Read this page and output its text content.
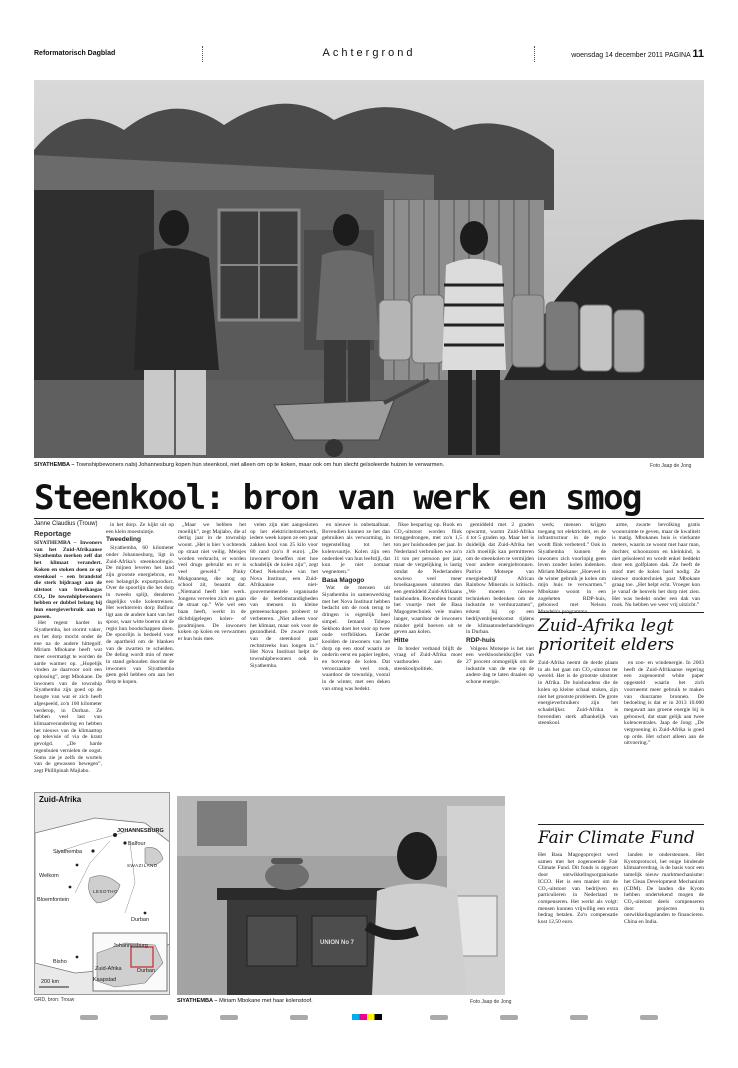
Reformatorisch Dagblad	Achtergrond	woensdag 14 december 2011 PAGINA 11
SIYATHEMBA – Townshipbewoners nabij Johannesburg kopen hun steenkool, niet alleen om op te koken, maar ook om hun slecht geïsoleerde huizen te verwarmen.	Foto Jaap de Jong
Steenkool: bron van werk en smog
Janne Claudius (Trouw)
Reportage

SIYATHEMBA – Inwoners van het Zuid-Afrikaanse Siyathemba merken zelf dat het klimaat verandert. Koken en stoken doen ze op steenkool – een brandstof die sterk bijdraagt aan de uitstoot van broeikasgas CO₂. De townshipbewoners hebben er dubbel belang bij hun energieverbruik aan te passen.

Het regent harder in Siyathemba, het stormt vaker, en het dorp mocht onder de ene na de andere hittegolf. Miriam Mbokane heeft wat meer overmatigt te worden de aarde warmer op. „Hopelijk vinden ze daarvoor ooit een oplossing”, zegt Mbokane. De inwoners van de township Siyathemba zijn goed op de hoogte van wat er zich heeft afgespeeld, zo'n 100 kilometer verderop, in Durban. Ze hebben veel last van klimaatverandering en hebben het nieuws van de klimaattop op televisie of via de krant gevolgd. „De harde regenbuien vernielen de oogst. Soms zie je zelfs de wortels van de gewassen bewegen”, zegt Phillipinah Majiabo.

in het dorp. Ze kijkt uit op een klein moestuintje.

Tweedeling

Siyathemba, 60 kilometer onder Johannesburg, ligt in Zuid-Afrika's steenkoolregio. De mijnen leveren het land zijn grootste energiebron, en een belangrijk exportproduct. Over de spoorlijn die het dorp in tweeën splijt, denderen dagelijks volle kolentreinen. Het werkterrein dorp Balfour ligt aan de andere kant van het spoor, waar witte boeren uit de regio hun boodschappen doen. De spoorlijn is bedoeld voor de apartheid om de blanken van de zwarten te scheiden. De deling wordt min of meer in stand gehouden doordat de inwoners van Siyathemba geen geld hebben om aan het dorp te kopen.

„Maar we hebben het moeilijk”, zegt Majiabo, die al dertig jaar in de township woont. „Het is hier 's ochtends op straat niet veilig. Meisjes worden verkracht, er worden veel drugs gebruikt en er is veel geweld.” Pinky Mokgoaneng, die nog op school zit, beaamt dat. „Niemand heeft hier werk. Jongens vervelen zich en gaan de straat op.” Wie wel een baan heeft, werkt in de dichtbijgelegen kolen- of goudmijnen. De inwoners koken op kolen en verwarmen er hun huis mee.

velen zijn niet aangesloten op het elektriciteitsnetwerk, iedere week kopen ze een paar zakken kool van 25 kilo voor 80 rand (zo'n 8 euro). „De inwoners beseffen niet hoe schadelijk de kolen zijn”, zegt Obed Nekotshwe van het Nova Instituut, een Zuid-Afrikaanse niet-gouvernementele organisatie die de leefomstandigheden van mensen in kleine gemeenschappen probeert te verbeteren. „Niet alleen voor het klimaat, maar ook voor de gezondheid. De zware rook van de steenkool gaat rechtstreeks hun longen in.” Het Nova Instituut helpt de townshipbewoners ook in Siyathemba.

en nieuwe is onbetaalbaar. Bovendien kunnen ze het dan gebruiken als verwarming, in tegenstelling tot het kolenvuurtje. Kolen zijn een onderdeel van hun leefstijl, dat kun je niet zomaar wegnemen.”

Basa Magogo

Wat de mensen uit Siyathemba in samenwerking met het Nova Instituut hebben bedacht om de rook terug te dringen is eigenlijk heel simpel. Iemand Tshepo Sekhoto doet het voor op twee oude verfblikken. Eerder koolden de inwoners van het dorp op een stoof waarin ze onderin eerst en papier legden, en bovenop de kolen. Dat veroorzaakte veel rook, waardoor de township, vooral in de winter, met een deken van smog was bedekt.

fikse besparing op. Rook en CO₂-uitstoot worden flink teruggedrongen, met zo'n 1,5 ton per huishouden per jaar. In Nederland verbruiken we zo'n 11 ton per persoon per jaar, maar de vergelijking is lastig omdat de Nederlanders sowieso veel meer broeikasgassen uitstoten dan een gemiddeld Zuid-Afrikaans huishouden. Bovendien brandt het vuurtje met de Basa Magogotechniek vele malen langer, waardoor de inwoners minder geld hoeven uit te geven aan kolen.

Hitte

In breder verband blijft de vraag of Zuid-Afrika moet vasthouden aan de steenkoolpolitiek.

gemiddeld met 2 graden opwarmt, warmt Zuid-Afrika 4 tot 5 graden op. Maar het is duidelijk dat Zuid-Afrika het zich moeilijk kan permitteren om de steenkolen te vermijden voor andere energiebronnen. Patrice Motsepe van energiebedrijf African Rainbow Minerals is kritisch. „We moeten nieuwe technieken bedenken om de industrie te verduurzamen”, erkent hij op een bedrijvenbijeenkomst tijdens de klimaatonderhandelingen in Durban.

RDP-huis

Volgens Motsepe is het niet een werkloosheidscijfer van 27 procent onmogelijk om de industrie van de ene op de andere dag te laten draaien op schone energie.

werk; mensen krijgen toegang tot elektriciteit, en de infrastructuur in de regio wordt flink verbeterd.” Ook in Siyathemba kunnen de inwoners zich voorlopig geen leven zonder kolen indenken. Miriam Mbokane: „Hoeveel in de winter gebruik je kolen om mijn huis te verwarmen.” Mbokane woont in een zogeheten RDP-huis, gebouwd met Nelson Mandela's programma.

arme, zwarte bevolking gratis woonruimte te geven, maar de kwaliteit is matig. Mbokanes huis is vierkante meters, waarin ze woont met haar man, dochter, schoonzoon en kleinkind, is niet geïsoleerd en wordt enkel beddekt door een golfplaten dak. Ze heeft de stoof met de kolen hard nodig. Ze nieuwe stooktechniek past Mbokane graag toe. „Het helpt echt. Vroeger kon je vanaf de heuvels het dorp niet zien. Het was bedekt onder een dak van rook. Nu hebben we weer vrij uitzicht.”

Zuid-Afrika legt prioriteit elders

Zuid-Afrika neemt de derde plaats in als het gaat om CO₂-uitstoot ter wereld. Het is de grootste uitstoter in Afrika. De huishoudens die de kolen op kleine schaal stoken, zijn niet het grootste probleem. De grote energieverbruikers zijn het schadelijkst. Zuid-Afrika is bovendien sterk afhankelijk van steenkool.

en zon- en windenergie. In 2003 heeft de Zuid-Afrikaanse regering een zogenoemd white paper opgesteld waarin het zich voorneemt meer gebruik te maken van duurzame bronnen. De bedoeling is dat er in 2013 10.000 megawatt aan groene energie bij is gebouwd, dat staat gelijk aan twee kolencentrales. Jaap de Jong: „De vergroening in Zuid-Afrika is goed op orde. Het schort alleen aan de uitvoering.”

Fair Climate Fund

Het Basa Magogoproject werd samen met het zogenoemde Fair Climate Fund. Dit fonds is opgezet door ontwikkelingsorganisatie ICCO. Het is een manier om de CO₂-uitstoot van bedrijven en particulieren in Nederland te compenseren. Het werkt als volgt: mensen kunnen vrijwillig een extra bedrag betalen. Zo'n compensatie kost 12,50 euro.

landen te ondersteunen. Het Kyotoprotocol, het enige bindende klimaatverdrag, is de basis voor een tamelijk nieuw marktmechanisme: het Clean Development Mechanism (CDM). De landen die Kyoto hebben ondertekend mogen de CO₂-uitstoot deels compenseren door projecten in ontwikkelingslanden te financieren. China en India.

Zuid-Afrika
JOHANNESBURG
Balfour
Siyathemba
SWAZILAND
Welkom
Bloemfontein
LESOTHO
Durban
Bisho
Zuid-Afrika
Kaapstad
Johannesburg
Durban
200 km
GRD, bron: Trouw
UNION No 7
SIYATHEMBA – Miriam Mbokane met haar kolenstoof.	Foto Jaap de Jong
